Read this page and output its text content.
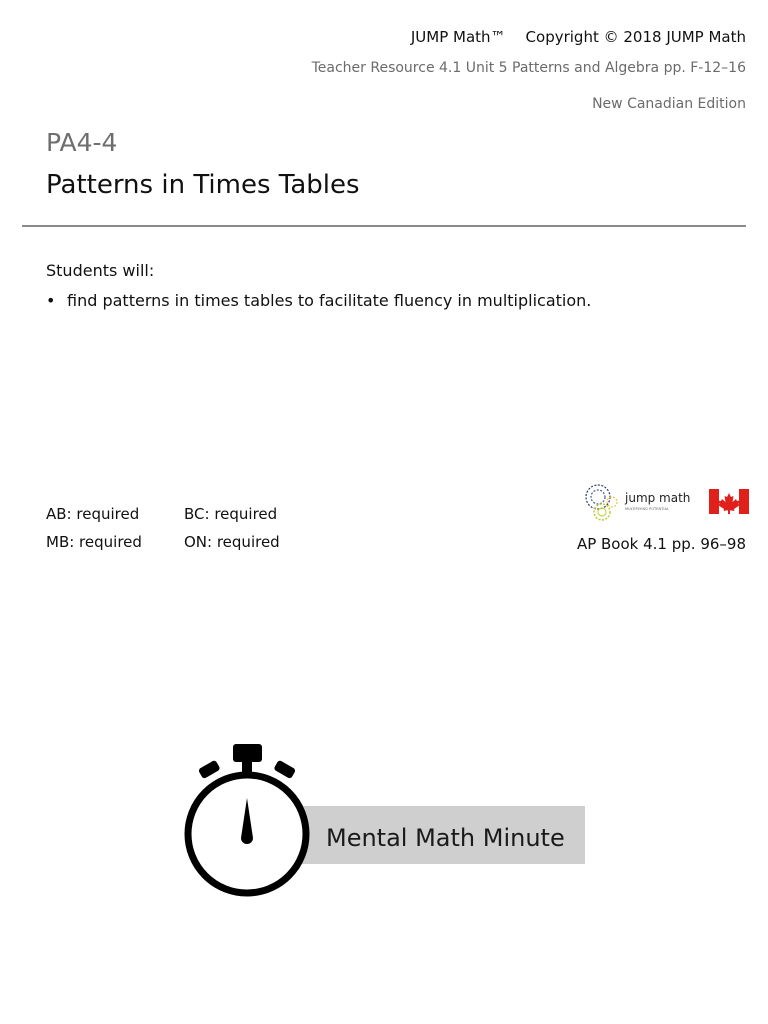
JUMP Math™ Copyright © 2018 JUMP Math
Teacher Resource 4.1 Unit 5 Patterns and Algebra pp. F-12–16
New Canadian Edition
PA4-4
Patterns in Times Tables
Students will:
• find patterns in times tables to facilitate fluency in multiplication.
AB: required	BC: required
MB: required	ON: required
jump math
MULTIPLYING POTENTIAL
AP Book 4.1 pp. 96–98
Mental Math Minute
